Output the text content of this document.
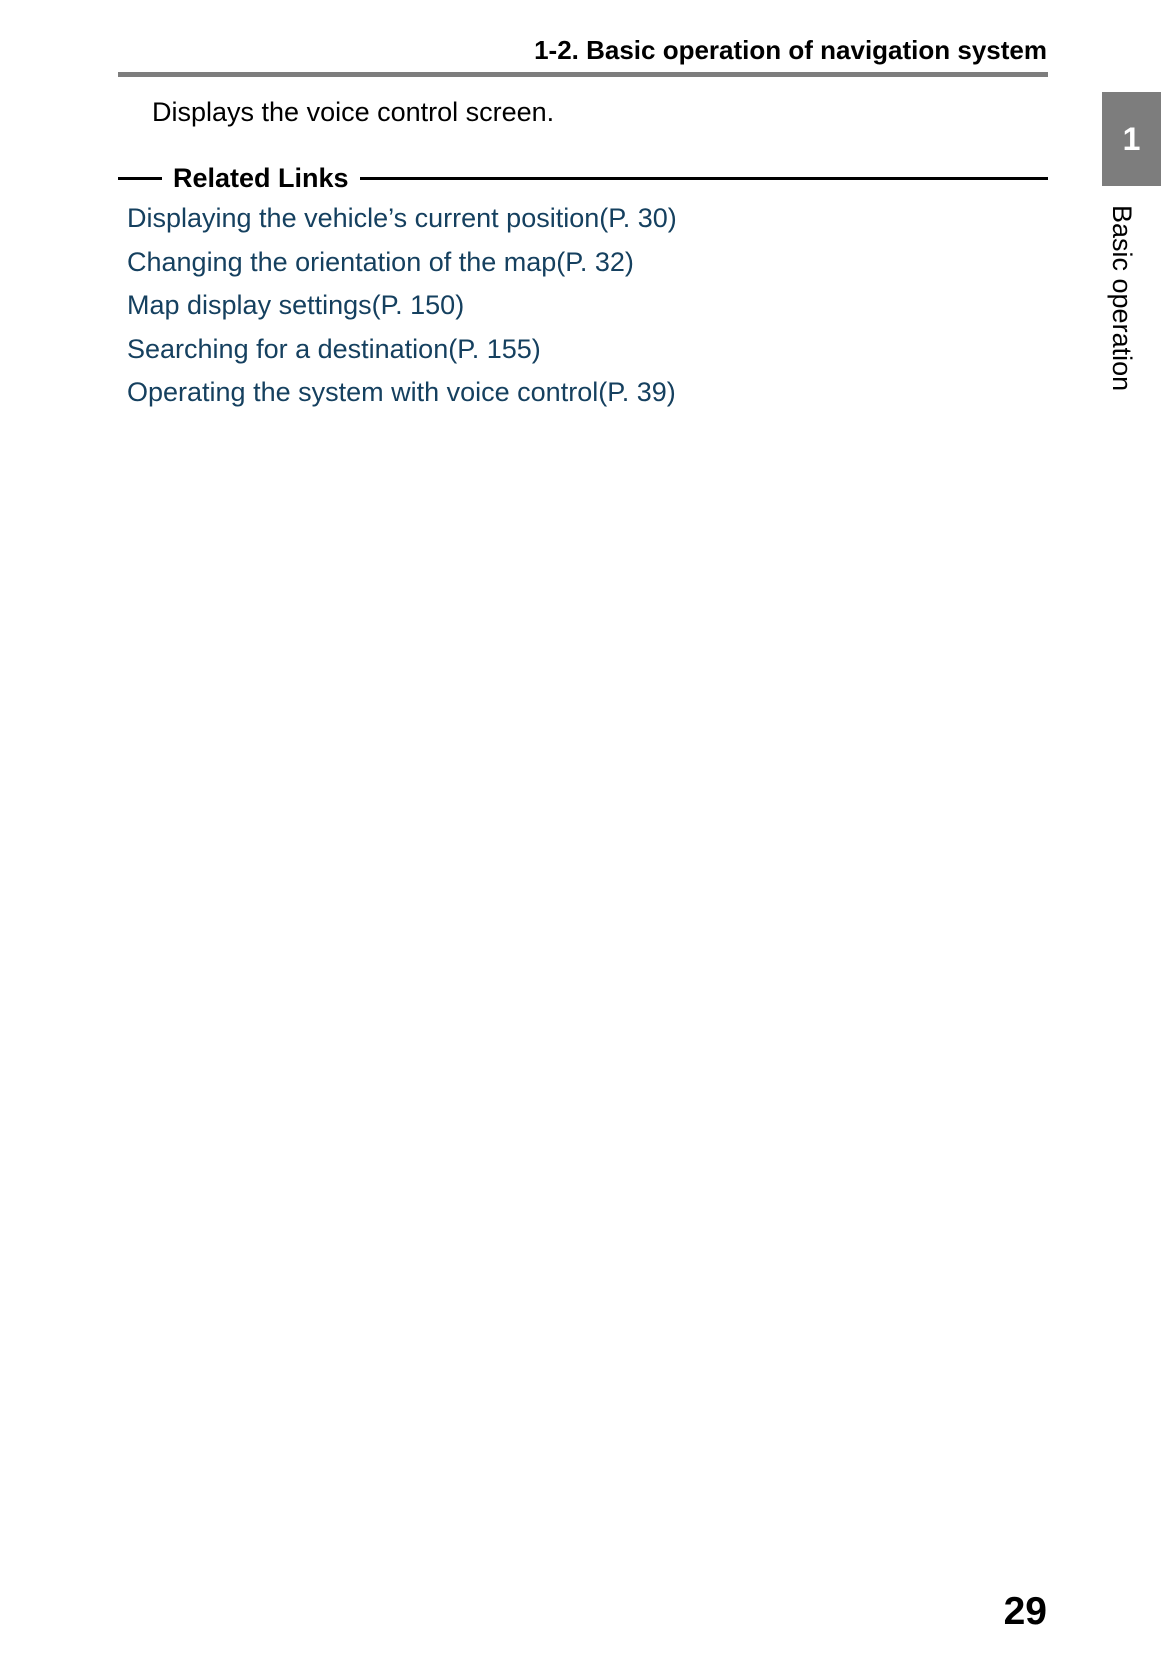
1-2. Basic operation of navigation system

Displays the voice control screen.

Related Links
Displaying the vehicle’s current position(P. 30)
Changing the orientation of the map(P. 32)
Map display settings(P. 150)
Searching for a destination(P. 155)
Operating the system with voice control(P. 39)
1
Basic operation
29
